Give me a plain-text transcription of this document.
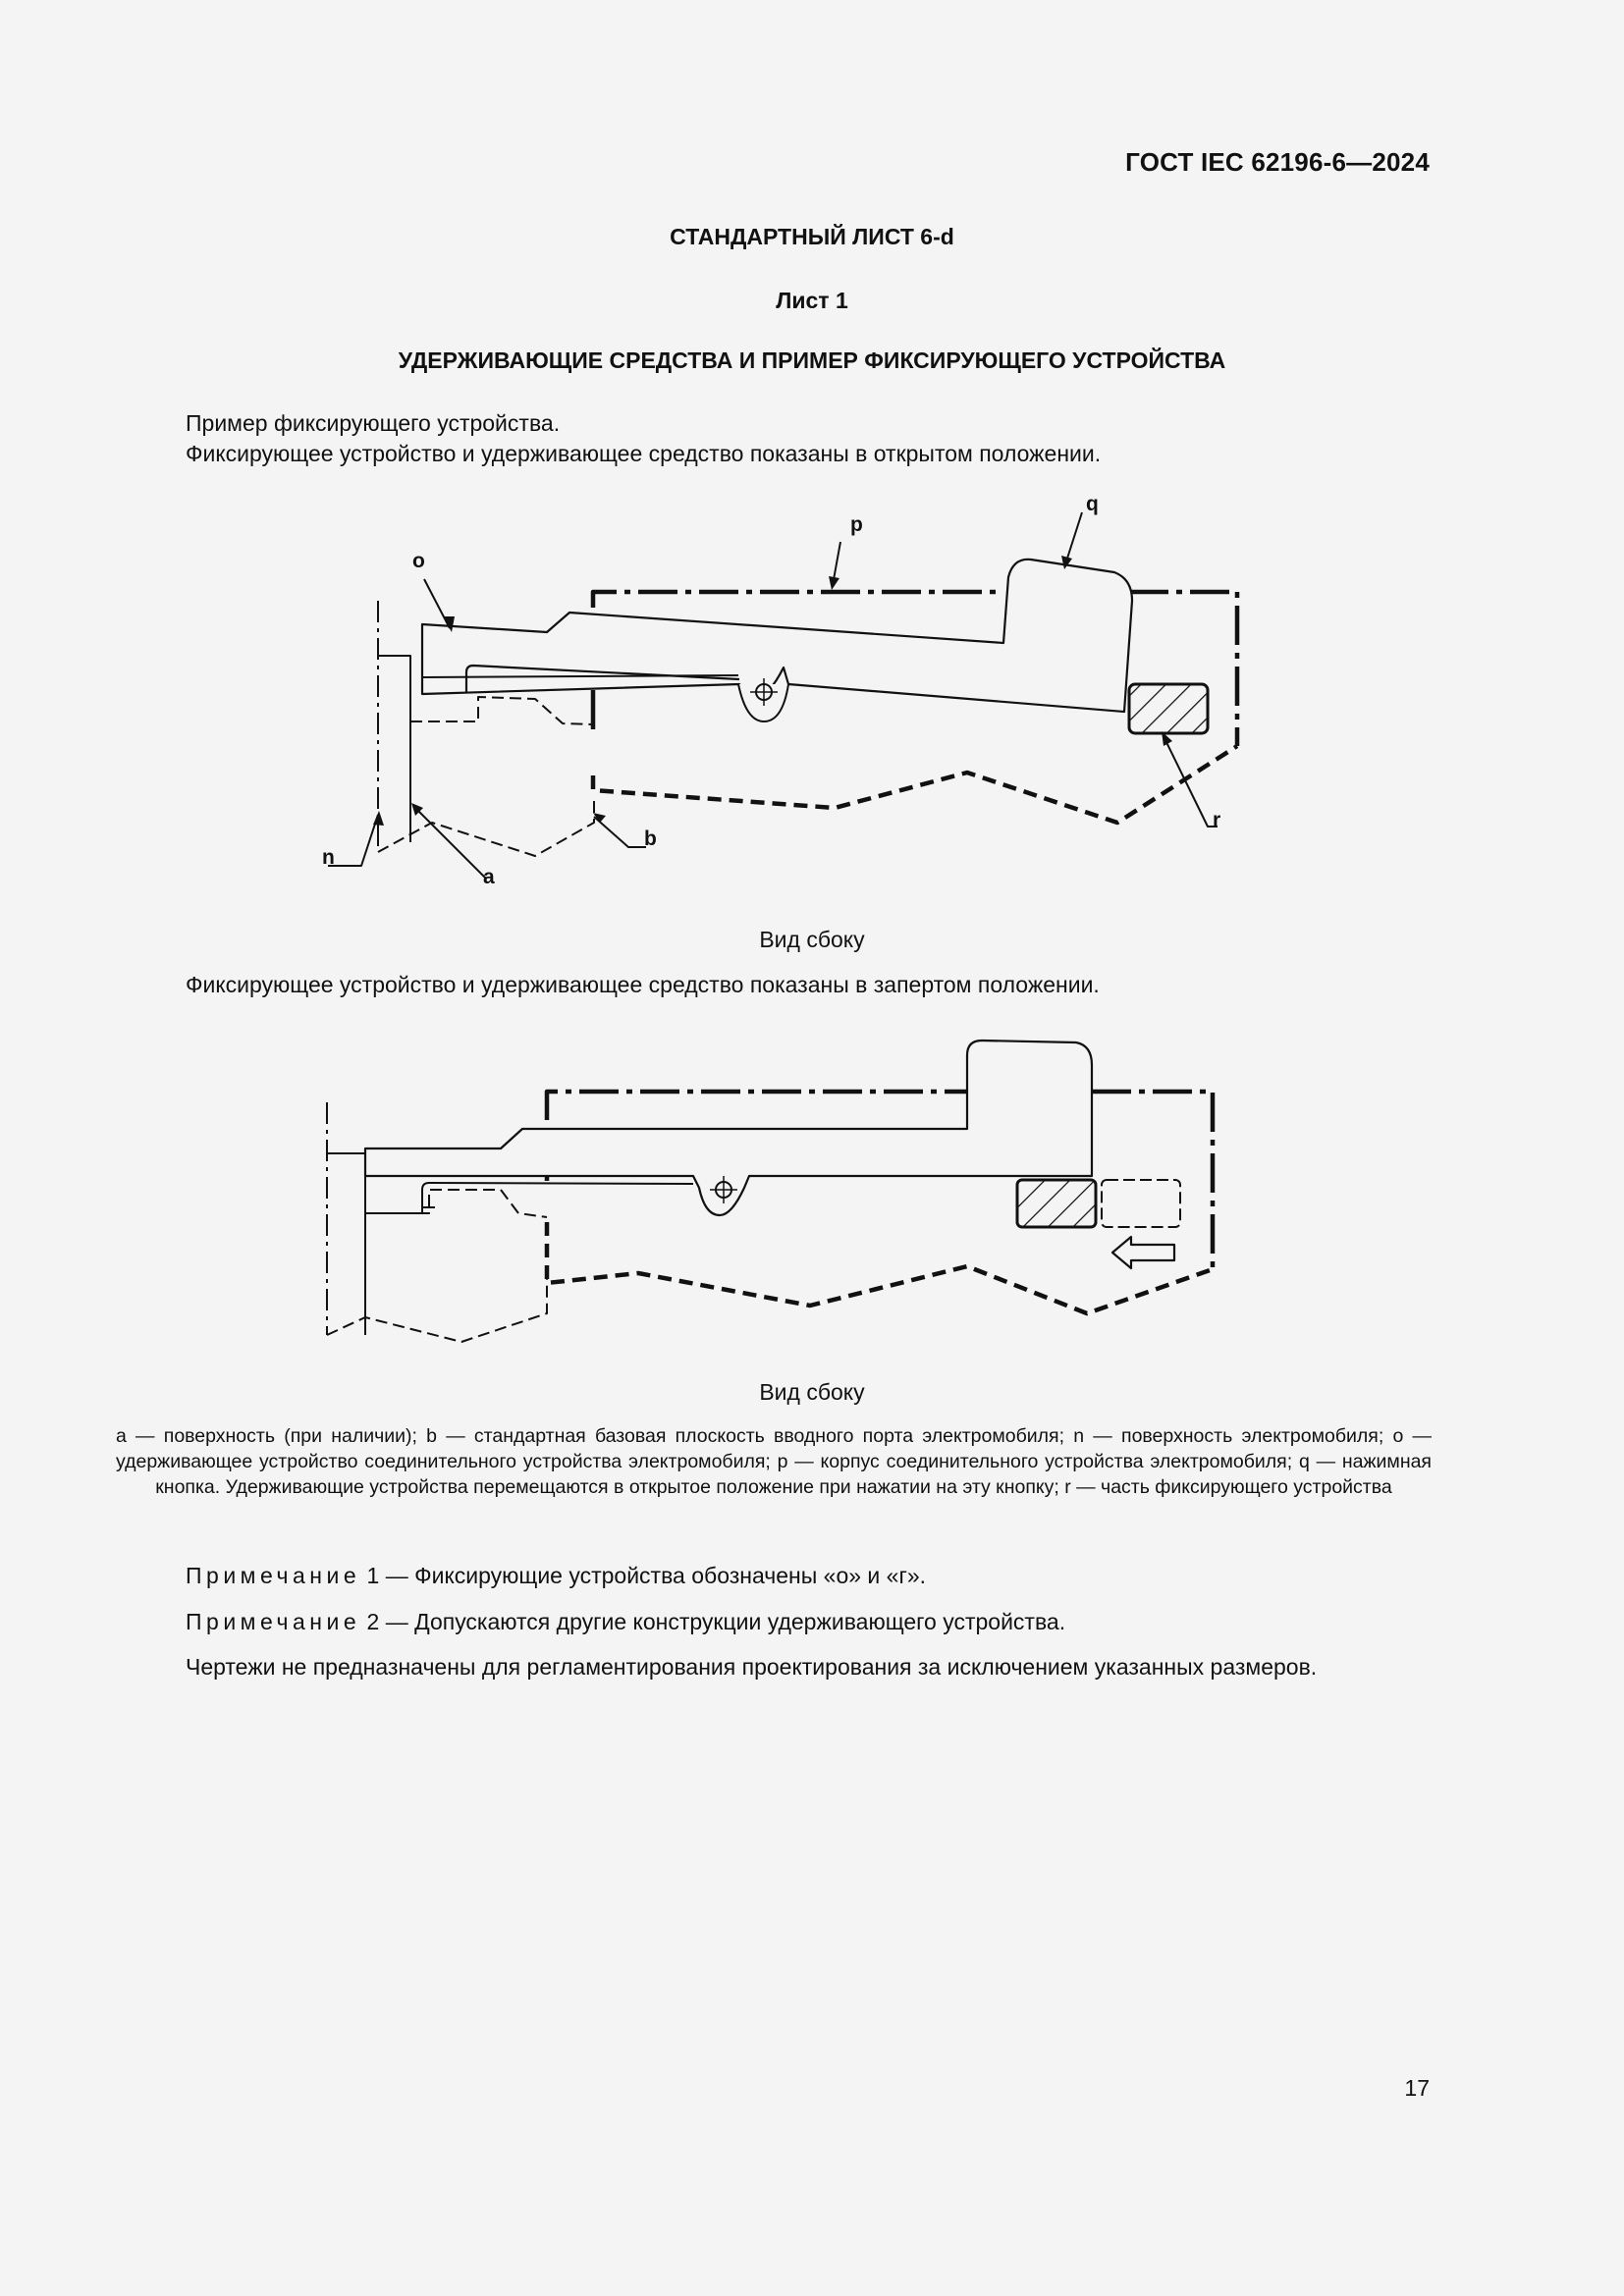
ГОСТ IEC 62196-6—2024
СТАНДАРТНЫЙ ЛИСТ 6-d
Лист 1
УДЕРЖИВАЮЩИЕ СРЕДСТВА И ПРИМЕР ФИКСИРУЮЩЕГО УСТРОЙСТВА
Пример фиксирующего устройства.
Фиксирующее устройство и удерживающее средство показаны в открытом положении.
o
p
q
n
a
b
r
Вид сбоку
Фиксирующее устройство и удерживающее средство показаны в запертом положении.
Вид сбоку
a — поверхность (при наличии); b — стандартная базовая плоскость вводного порта электромобиля; n — поверхность электромобиля; o — удерживающее устройство соединительного устройства электромобиля; p — корпус соединительного устройства электромобиля; q — нажимная кнопка. Удерживающие устройства перемещаются в открытое положение при нажатии на эту кнопку; r — часть фиксирующего устройства
Примечание 1 — Фиксирующие устройства обозначены «о» и «г».
Примечание 2 — Допускаются другие конструкции удерживающего устройства.
Чертежи не предназначены для регламентирования проектирования за исключением указанных размеров.
17
